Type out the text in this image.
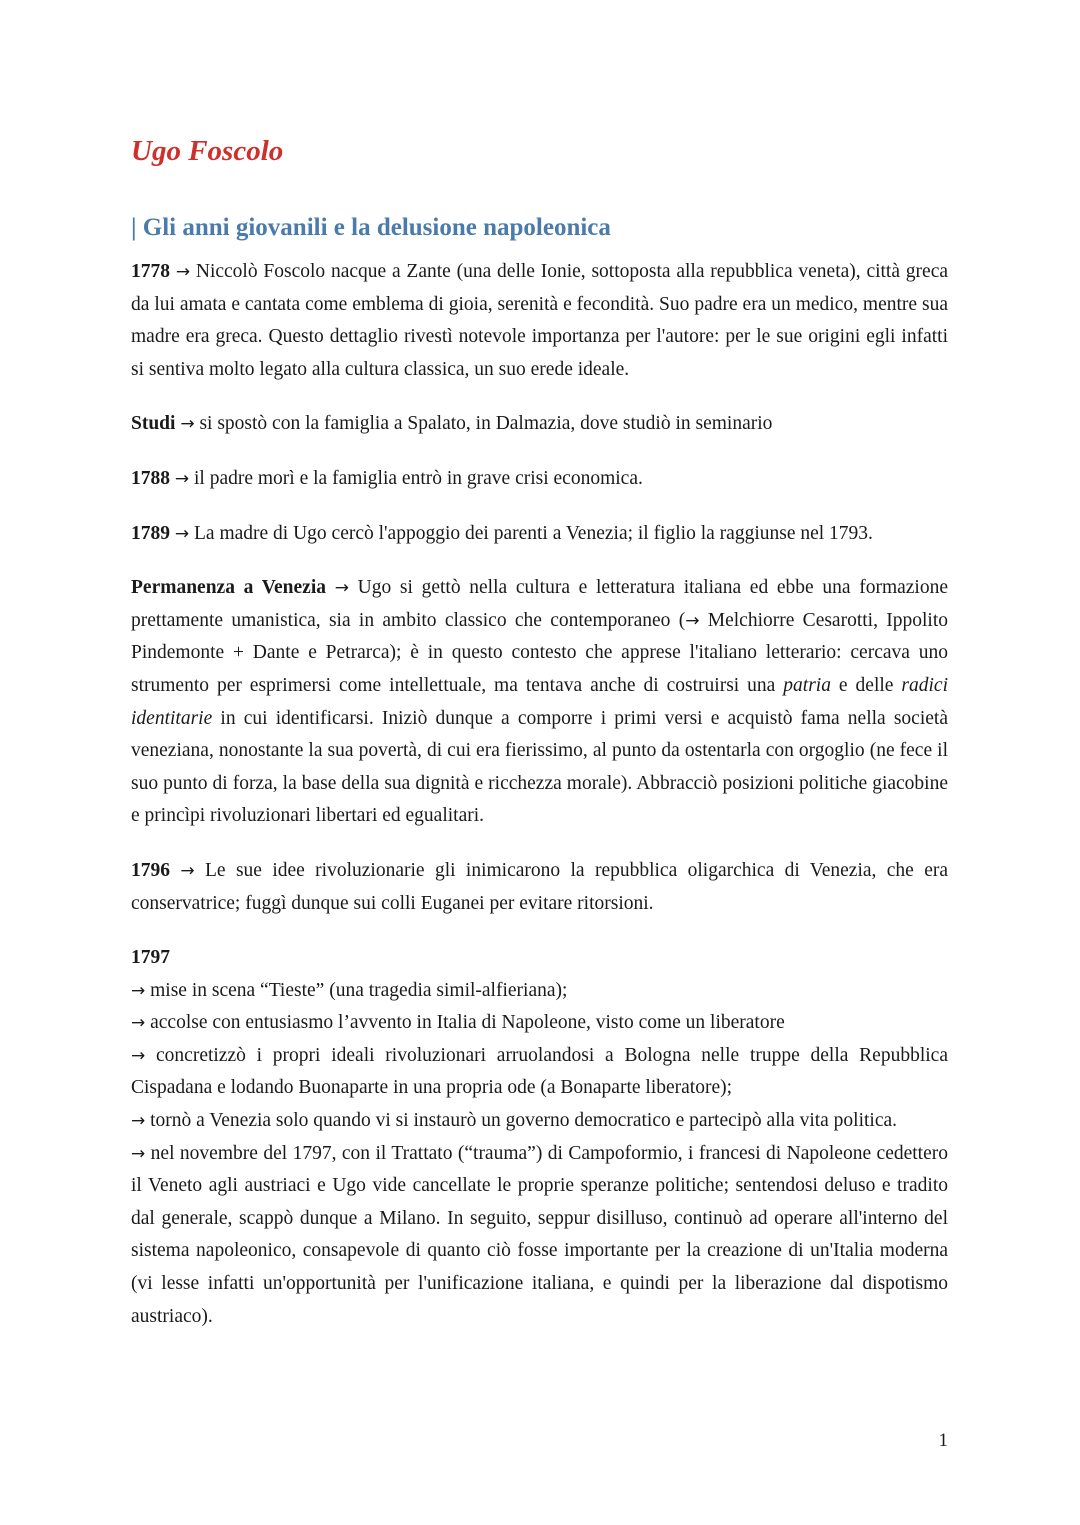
Ugo Foscolo
| Gli anni giovanili e la delusione napoleonica

1778 → Niccolò Foscolo nacque a Zante (una delle Ionie, sottoposta alla repubblica veneta), città greca da lui amata e cantata come emblema di gioia, serenità e fecondità. Suo padre era un medico, mentre sua madre era greca. Questo dettaglio rivestì notevole importanza per l'autore: per le sue origini egli infatti si sentiva molto legato alla cultura classica, un suo erede ideale.

Studi → si spostò con la famiglia a Spalato, in Dalmazia, dove studiò in seminario

1788 → il padre morì e la famiglia entrò in grave crisi economica.

1789 → La madre di Ugo cercò l'appoggio dei parenti a Venezia; il figlio la raggiunse nel 1793.

Permanenza a Venezia → Ugo si gettò nella cultura e letteratura italiana ed ebbe una formazione prettamente umanistica, sia in ambito classico che contemporaneo (→ Melchiorre Cesarotti, Ippolito Pindemonte + Dante e Petrarca); è in questo contesto che apprese l'italiano letterario: cercava uno strumento per esprimersi come intellettuale, ma tentava anche di costruirsi una patria e delle radici identitarie in cui identificarsi. Iniziò dunque a comporre i primi versi e acquistò fama nella società veneziana, nonostante la sua povertà, di cui era fierissimo, al punto da ostentarla con orgoglio (ne fece il suo punto di forza, la base della sua dignità e ricchezza morale). Abbracciò posizioni politiche giacobine e princìpi rivoluzionari libertari ed egualitari.

1796 → Le sue idee rivoluzionarie gli inimicarono la repubblica oligarchica di Venezia, che era conservatrice; fuggì dunque sui colli Euganei per evitare ritorsioni.

1797
→ mise in scena “Tieste” (una tragedia simil-alfieriana);
→ accolse con entusiasmo l’avvento in Italia di Napoleone, visto come un liberatore
→ concretizzò i propri ideali rivoluzionari arruolandosi a Bologna nelle truppe della Repubblica Cispadana e lodando Buonaparte in una propria ode (a Bonaparte liberatore);
→ tornò a Venezia solo quando vi si instaurò un governo democratico e partecipò alla vita politica.
→ nel novembre del 1797, con il Trattato (“trauma”) di Campoformio, i francesi di Napoleone cedettero il Veneto agli austriaci e Ugo vide cancellate le proprie speranze politiche; sentendosi deluso e tradito dal generale, scappò dunque a Milano. In seguito, seppur disilluso, continuò ad operare all'interno del sistema napoleonico, consapevole di quanto ciò fosse importante per la creazione di un'Italia moderna (vi lesse infatti un'opportunità per l'unificazione italiana, e quindi per la liberazione dal dispotismo austriaco).
1
